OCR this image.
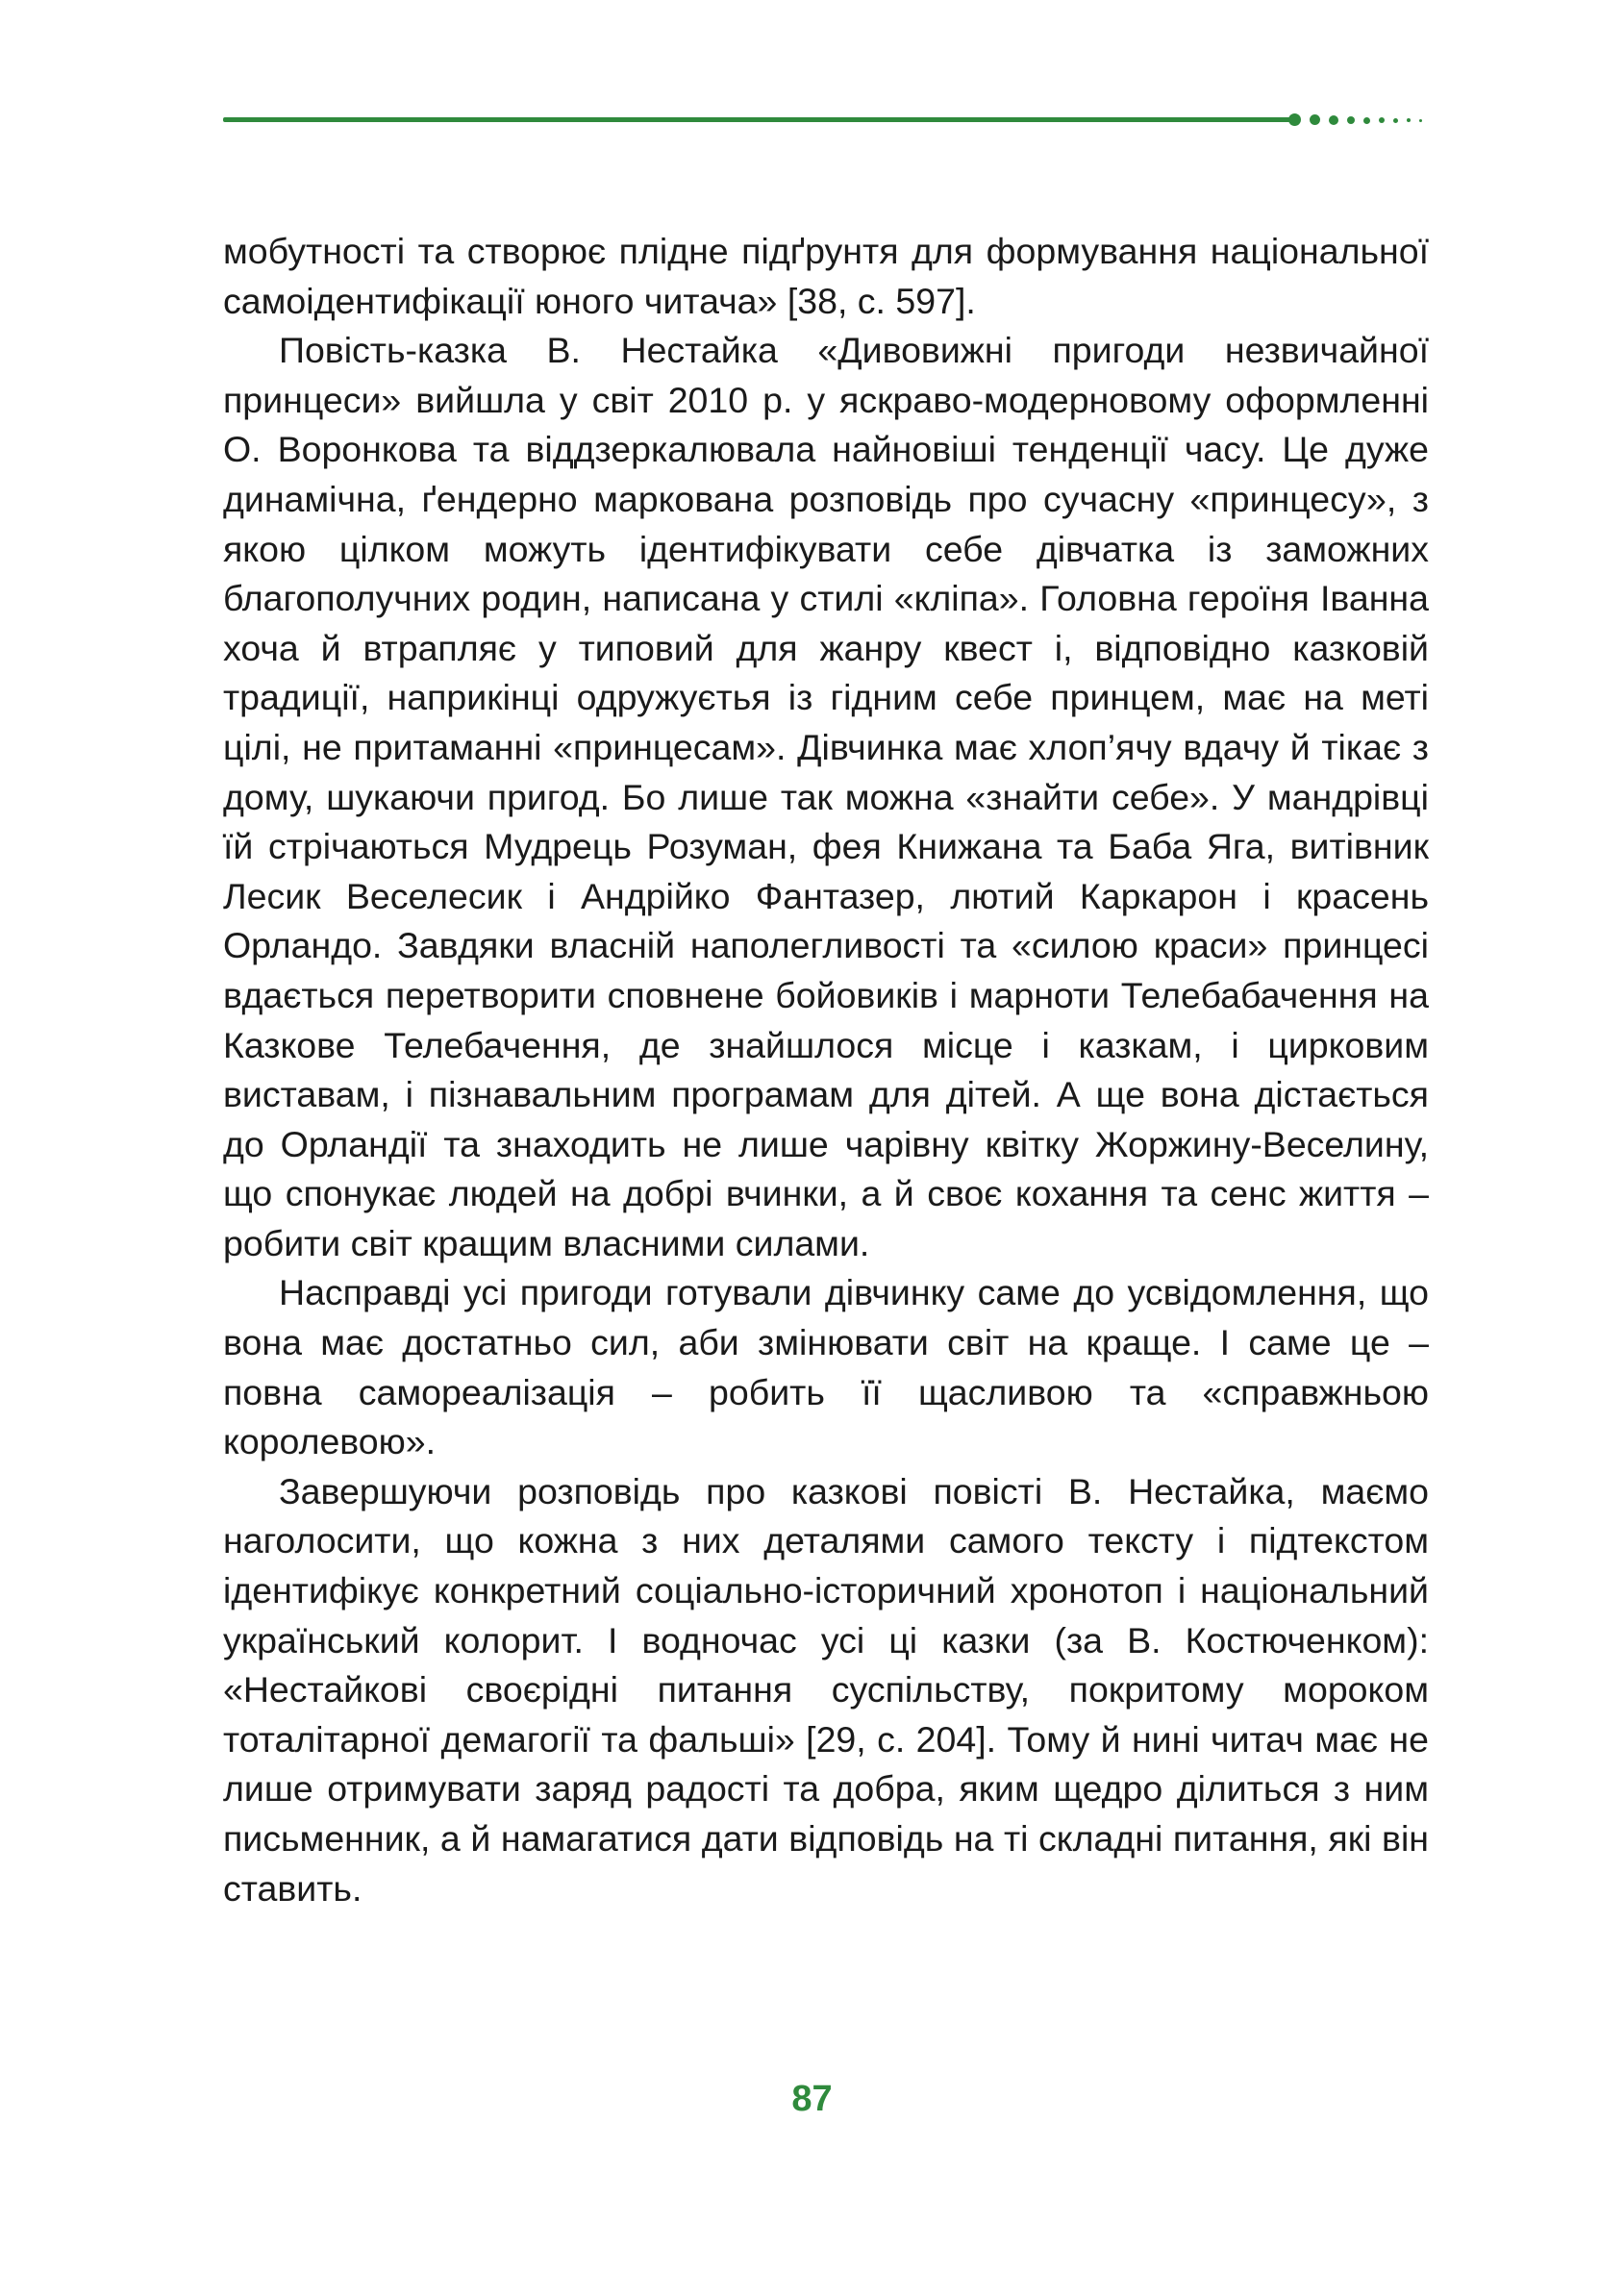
мобутності та створює плідне підґрунтя для формування національної самоідентифікації юного читача» [38, с. 597].

Повість-казка В. Нестайка «Дивовижні пригоди незвичайної принцеси» вийшла у світ 2010 р. у яскраво-модерновому оформленні О. Воронкова та віддзеркалювала найновіші тенденції часу. Це дуже динамічна, ґендерно маркована розповідь про сучасну «принцесу», з якою цілком можуть ідентифікувати себе дівчатка із заможних благополучних родин, написана у стилі «кліпа». Головна героїня Іванна хоча й втрапляє у типовий для жанру квест і, відповідно казковій традиції, наприкінці одружуєтья із гідним себе принцем, має на меті цілі, не притаманні «принцесам». Дівчинка має хлоп’ячу вдачу й тікає з дому, шукаючи пригод. Бо лише так можна «знайти себе». У мандрівці їй стрічаються Мудрець Розуман, фея Книжана та Баба Яга, витівник Лесик Веселесик і Андрійко Фантазер, лютий Каркарон і красень Орландо. Завдяки власній наполегливості та «силою краси» принцесі вдається перетворити сповнене бойовиків і марноти Телебабачення на Казкове Телебачення, де знайшлося місце і казкам, і цирковим виставам, і пізнавальним програмам для дітей. А ще вона дістається до Орландії та знаходить не лише чарівну квітку Жоржину-Веселину, що спонукає людей на добрі вчинки, а й своє кохання та сенс життя – робити світ кращим власними силами.

Насправді усі пригоди готували дівчинку саме до усвідомлення, що вона має достатньо сил, аби змінювати світ на краще. І саме це – повна самореалізація – робить її щасливою та «справжньою королевою».

Завершуючи розповідь про казкові повісті В. Нестайка, маємо наголосити, що кожна з них деталями самого тексту і підтекстом ідентифікує конкретний соціально-історичний хронотоп і національний український колорит. І водночас усі ці казки (за В. Костюченком): «Нестайкові своєрідні питання суспільству, покритому мороком тоталітарної демагогії та фальші» [29, с. 204]. Тому й нині читач має не лише отримувати заряд радості та добра, яким щедро ділиться з ним письменник, а й намагатися дати відповідь на ті складні питання, які він ставить.

87
